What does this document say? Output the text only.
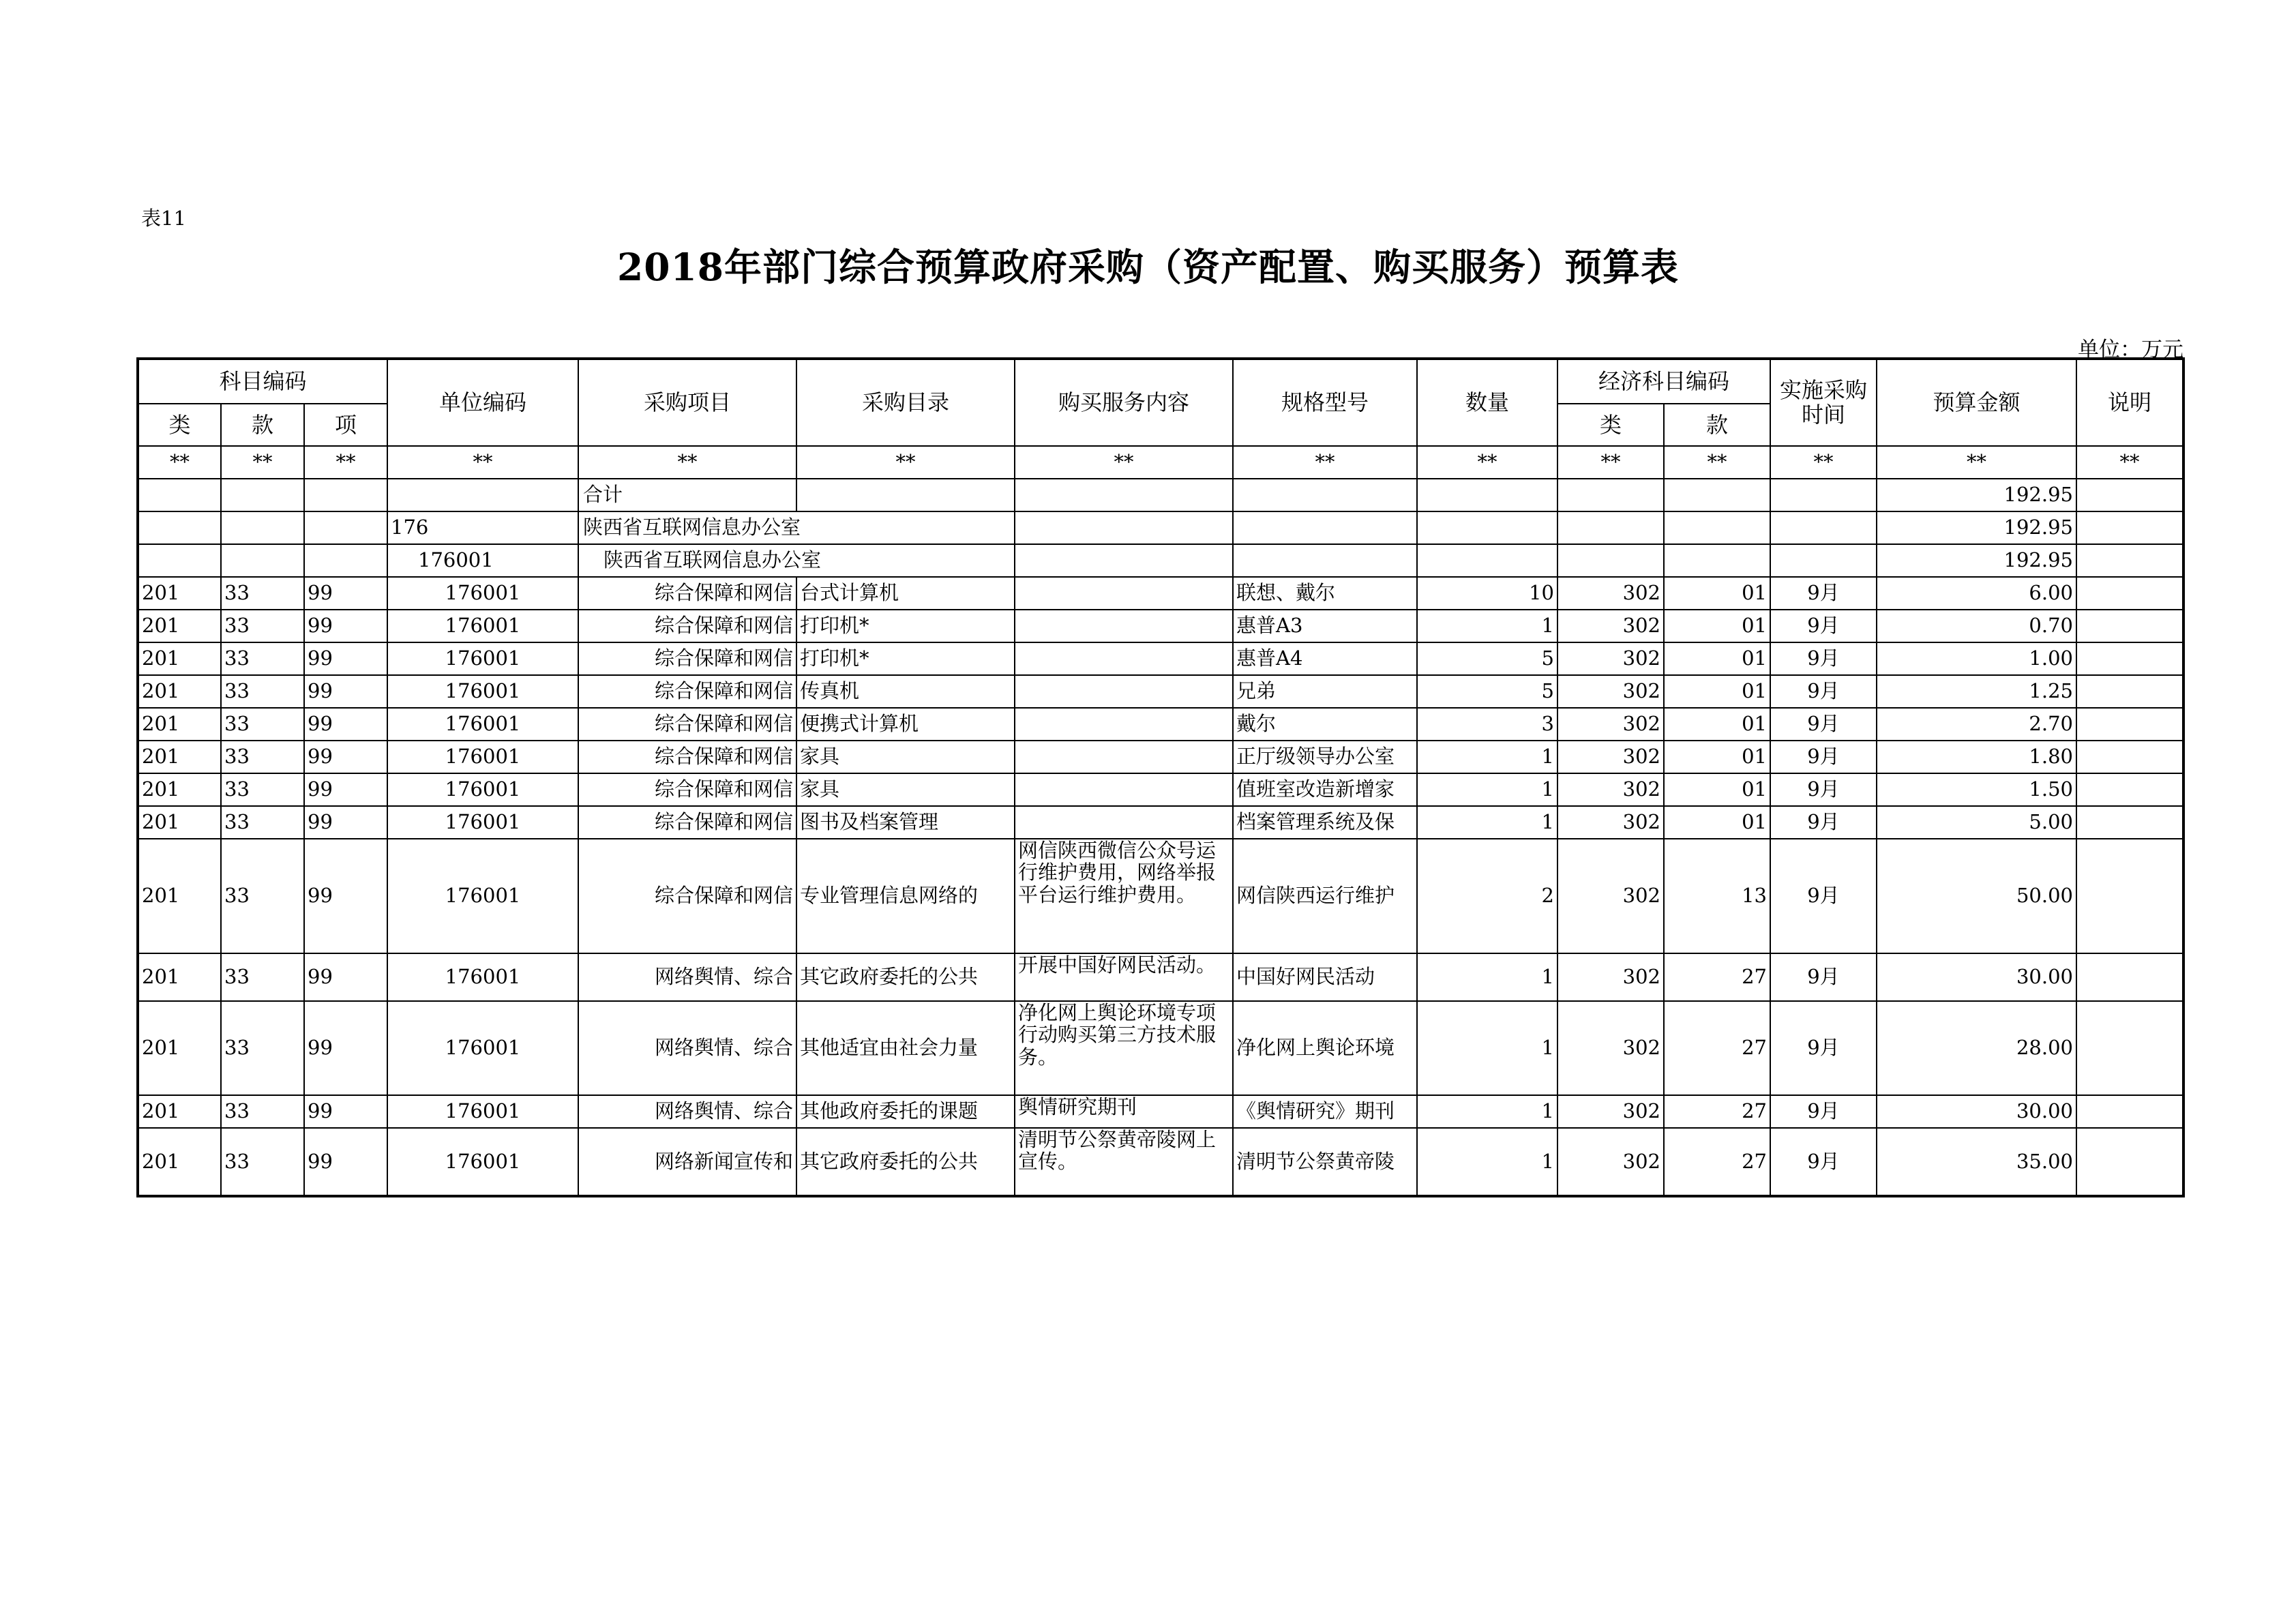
表11
2018年部门综合预算政府采购（资产配置、购买服务）预算表
单位：万元
科目编码			单位编码	采购项目	采购目录	购买服务内容	规格型号	数量	经济科目编码		实施采购时间	预算金额	说明
类	款	项							类	款			
**	**	**	**	**	**	**	**	**	**	**	**	**	**
				合计								192.95	
			176	陕西省互联网信息办公室								192.95	
			176001	陕西省互联网信息办公室								192.95	
201	33	99	176001	综合保障和网信	台式计算机		联想、戴尔	10	302	01	9月	6.00	
201	33	99	176001	综合保障和网信	打印机*		惠普A3	1	302	01	9月	0.70	
201	33	99	176001	综合保障和网信	打印机*		惠普A4	5	302	01	9月	1.00	
201	33	99	176001	综合保障和网信	传真机		兄弟	5	302	01	9月	1.25	
201	33	99	176001	综合保障和网信	便携式计算机		戴尔	3	302	01	9月	2.70	
201	33	99	176001	综合保障和网信	家具		正厅级领导办公室	1	302	01	9月	1.80	
201	33	99	176001	综合保障和网信	家具		值班室改造新增家	1	302	01	9月	1.50	
201	33	99	176001	综合保障和网信	图书及档案管理		档案管理系统及保	1	302	01	9月	5.00	
201	33	99	176001	综合保障和网信	专业管理信息网络的	网信陕西微信公众号运行维护费用，网络举报平台运行维护费用。	网信陕西运行维护	2	302	13	9月	50.00	
201	33	99	176001	网络舆情、综合	其它政府委托的公共	开展中国好网民活动。	中国好网民活动	1	302	27	9月	30.00	
201	33	99	176001	网络舆情、综合	其他适宜由社会力量	净化网上舆论环境专项行动购买第三方技术服务。	净化网上舆论环境	1	302	27	9月	28.00	
201	33	99	176001	网络舆情、综合	其他政府委托的课题	舆情研究期刊	《舆情研究》期刊	1	302	27	9月	30.00	
201	33	99	176001	网络新闻宣传和	其它政府委托的公共	清明节公祭黄帝陵网上宣传。	清明节公祭黄帝陵	1	302	27	9月	35.00	
